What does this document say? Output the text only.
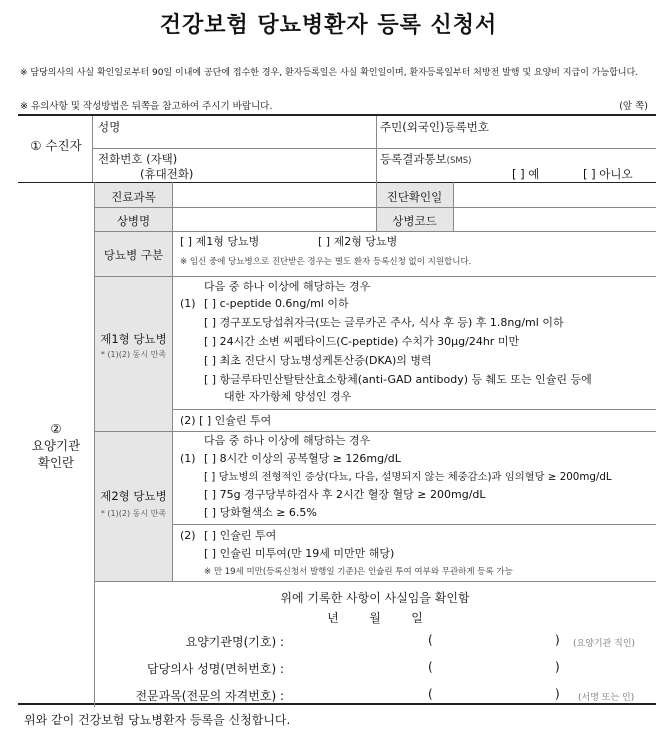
건강보험 당뇨병환자 등록 신청서
※ 담당의사의 사실 확인일로부터 90일 이내에 공단에 접수한 경우, 환자등록일은 사실 확인일이며, 환자등록일부터 처방전 발행 및 요양비 지급이 가능합니다.
※ 유의사항 및 작성방법은 뒤쪽을 참고하여 주시기 바랍니다.	(앞 쪽)
① 수진자
성명	주민(외국인)등록번호
전화번호 (자택)
(휴대전화)
등록결과통보(SMS)
[ ] 예	[ ] 아니오
②
요양기관
확인란
진료과목	진단확인일
상병명	상병코드
당뇨병 구분
[ ] 제1형 당뇨병	[ ] 제2형 당뇨병
※ 임신 중에 당뇨병으로 진단받은 경우는 별도 환자 등록신청 없이 지원합니다.
제1형 당뇨병
* (1)(2) 동시 만족
다음 중 하나 이상에 해당하는 경우
(1) [ ] c-peptide 0.6ng/ml 이하
[ ] 경구포도당섭취자극(또는 글루카곤 주사, 식사 후 등) 후 1.8ng/ml 이하
[ ] 24시간 소변 씨펩타이드(C-peptide) 수치가 30μg/24hr 미만
[ ] 최초 진단시 당뇨병성케톤산증(DKA)의 병력
[ ] 항글루타민산탈탄산효소항체(anti-GAD antibody) 등 췌도 또는 인슐린 등에
대한 자가항체 양성인 경우
(2) [ ] 인슐린 투여
제2형 당뇨병
* (1)(2) 동시 만족
다음 중 하나 이상에 해당하는 경우
(1) [ ] 8시간 이상의 공복혈당 ≥ 126mg/dL
[ ] 당뇨병의 전형적인 증상(다뇨, 다음, 설명되지 않는 체중감소)과 임의혈당 ≥ 200mg/dL
[ ] 75g 경구당부하검사 후 2시간 혈장 혈당 ≥ 200mg/dL
[ ] 당화혈색소 ≥ 6.5%
(2) [ ] 인슐린 투여
[ ] 인슐린 미투여(만 19세 미만만 해당)
※ 만 19세 미만(등록신청서 발행일 기준)은 인슐린 투여 여부와 무관하게 등록 가능
위에 기록한 사항이 사실임을 확인함
년        월        일
요양기관명(기호) :	(	) (요양기관 직인)
담당의사 성명(면허번호) :	(	)
전문과목(전문의 자격번호) :	(	) (서명 또는 인)
위와 같이 건강보험 당뇨병환자 등록을 신청합니다.
